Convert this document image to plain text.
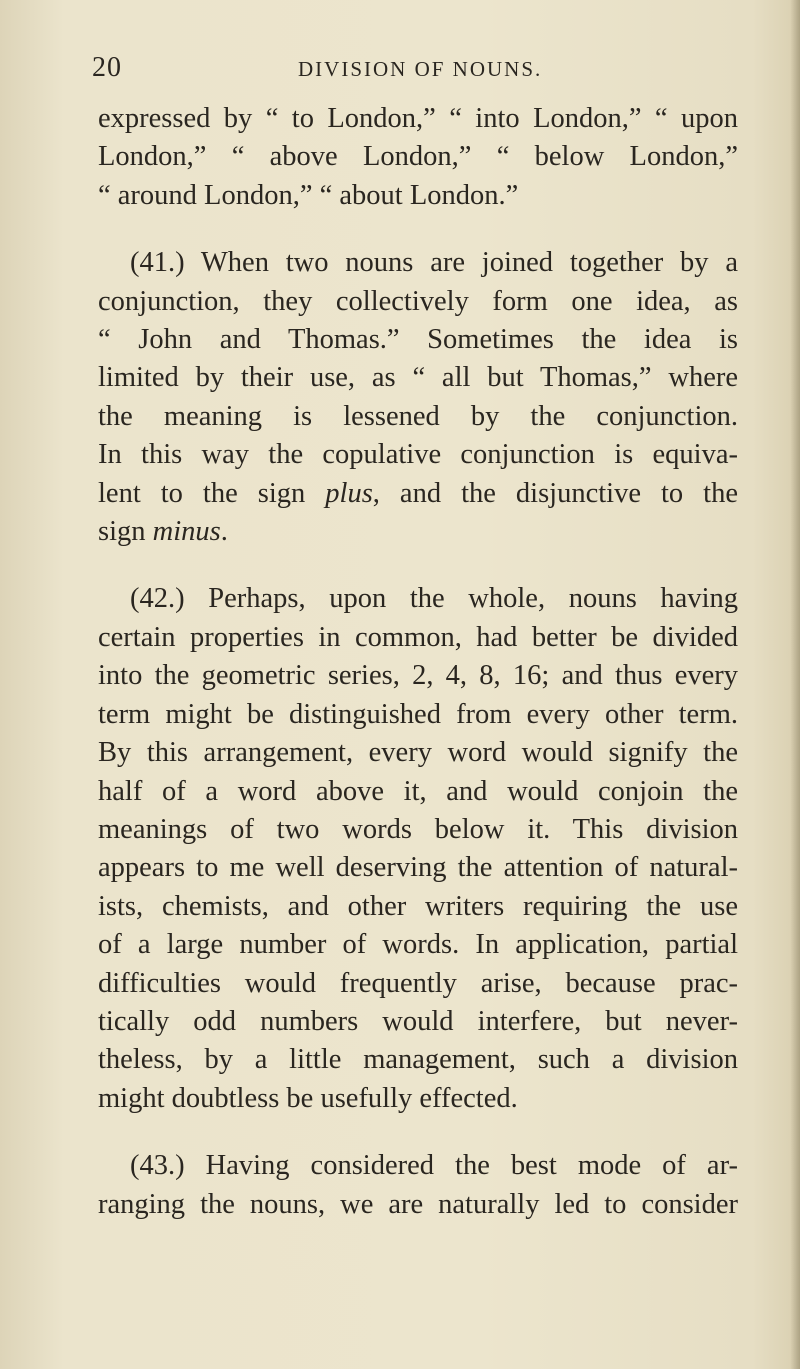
20	DIVISION OF NOUNS.

expressed by “ to London,” “ into London,” “ upon
London,” “ above London,” “ below London,”
“ around London,” “ about London.”

(41.) When two nouns are joined together by a
conjunction, they collectively form one idea, as
“ John and Thomas.” Sometimes the idea is
limited by their use, as “ all but Thomas,” where
the meaning is lessened by the conjunction.
In this way the copulative conjunction is equiva-
lent to the sign plus, and the disjunctive to the
sign minus.

(42.) Perhaps, upon the whole, nouns having
certain properties in common, had better be divided
into the geometric series, 2, 4, 8, 16; and thus every
term might be distinguished from every other term.
By this arrangement, every word would signify the
half of a word above it, and would conjoin the
meanings of two words below it. This division
appears to me well deserving the attention of natural-
ists, chemists, and other writers requiring the use
of a large number of words. In application, partial
difficulties would frequently arise, because prac-
tically odd numbers would interfere, but never-
theless, by a little management, such a division
might doubtless be usefully effected.

(43.) Having considered the best mode of ar-
ranging the nouns, we are naturally led to consider
